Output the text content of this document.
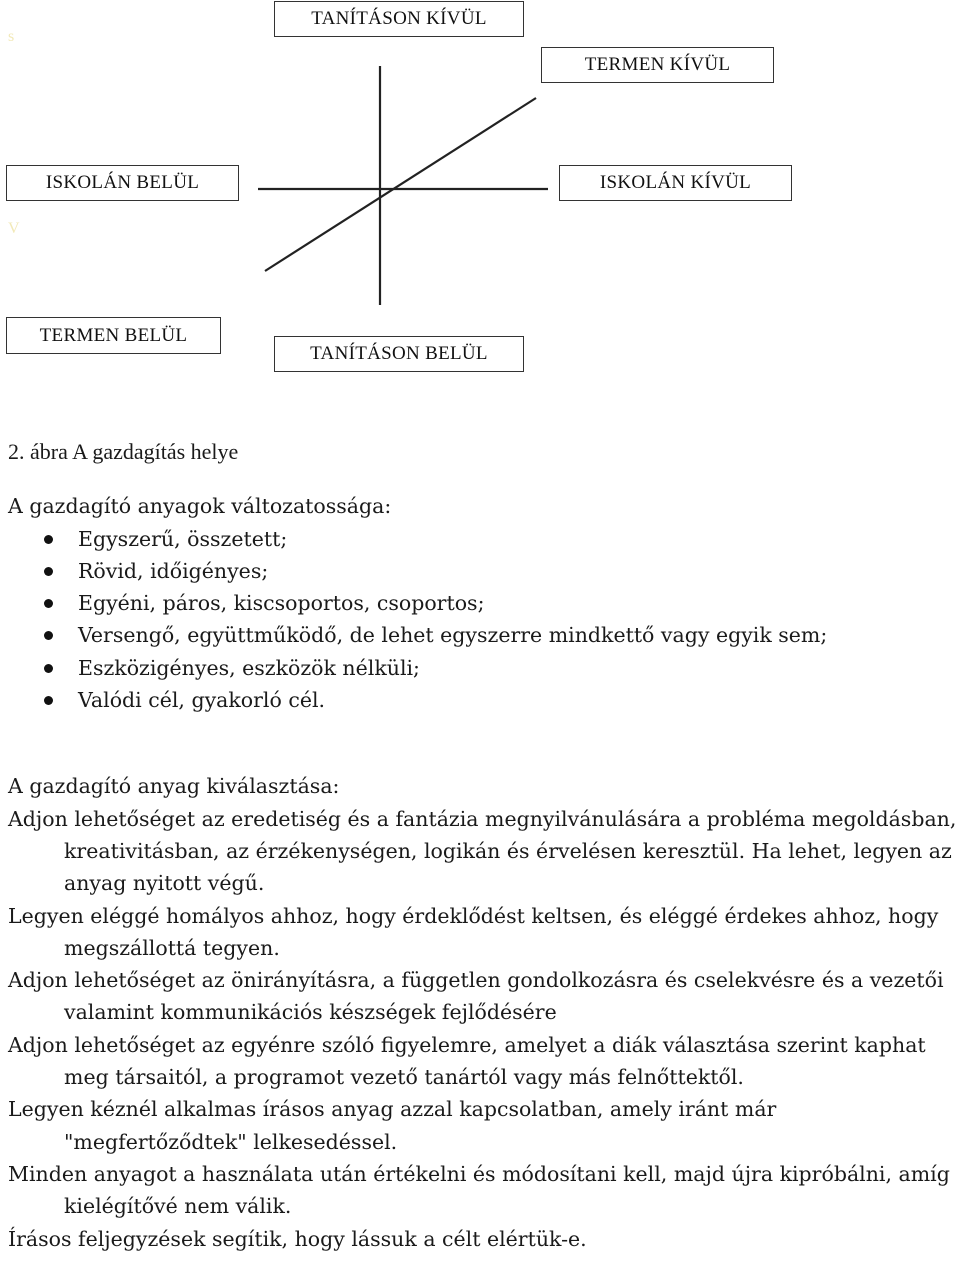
s
V
TANÍTÁSON KÍVÜL
TERMEN KÍVÜL
ISKOLÁN BELÜL	ISKOLÁN KÍVÜL
TERMEN BELÜL
TANÍTÁSON BELÜL

2. ábra A gazdagítás helye

A gazdagító anyagok változatossága:

Egyszerű, összetett;
Rövid, időigényes;
Egyéni, páros, kiscsoportos, csoportos;
Versengő, együttműködő, de lehet egyszerre mindkettő vagy egyik sem;
Eszközigényes, eszközök nélküli;
Valódi cél, gyakorló cél.

A gazdagító anyag kiválasztása:

Adjon lehetőséget az eredetiség és a fantázia megnyilvánulására a probléma megoldásban, kreativitásban, az érzékenységen, logikán és érvelésen keresztül. Ha lehet, legyen az anyag nyitott végű.

Legyen eléggé homályos ahhoz, hogy érdeklődést keltsen, és eléggé érdekes ahhoz, hogy megszállottá tegyen.

Adjon lehetőséget az önirányításra, a független gondolkozásra és cselekvésre és a vezetői valamint kommunikációs készségek fejlődésére

Adjon lehetőséget az egyénre szóló figyelemre, amelyet a diák választása szerint kaphat meg társaitól, a programot vezető tanártól vagy más felnőttektől.

Legyen kéznél alkalmas írásos anyag azzal kapcsolatban, amely iránt már "megfertőződtek" lelkesedéssel.

Minden anyagot a használata után értékelni és módosítani kell, majd újra kipróbálni, amíg kielégítővé nem válik.

Írásos feljegyzések segítik, hogy lássuk a célt elértük-e.
